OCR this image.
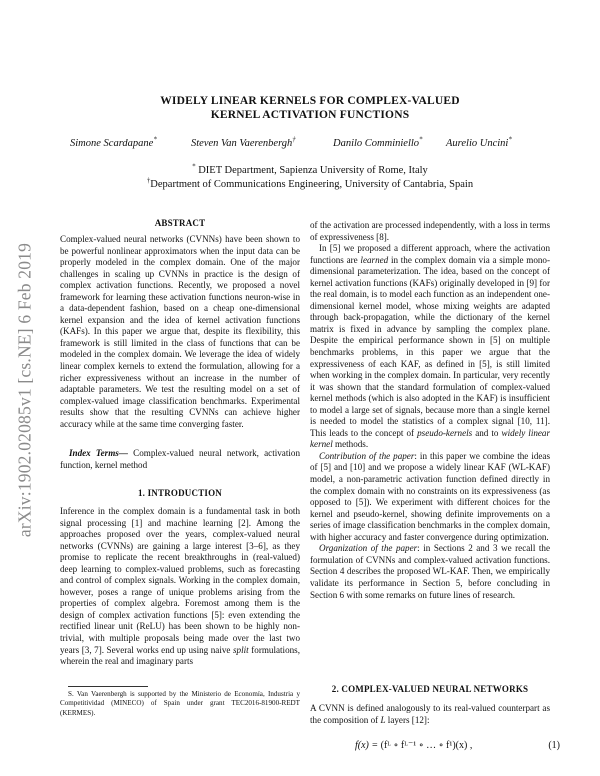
arXiv:1902.02085v1 [cs.NE] 6 Feb 2019
WIDELY LINEAR KERNELS FOR COMPLEX-VALUED
KERNEL ACTIVATION FUNCTIONS
Simone Scardapane*	Steven Van Vaerenbergh†	Danilo Comminiello* Aurelio Uncini*
* DIET Department, Sapienza University of Rome, Italy
†Department of Communications Engineering, University of Cantabria, Spain
ABSTRACT

Complex-valued neural networks (CVNNs) have been shown to be powerful nonlinear approximators when the input data can be properly modeled in the complex domain. One of the major challenges in scaling up CVNNs in practice is the design of complex activation functions. Recently, we proposed a novel framework for learning these activation functions neuron-wise in a data-dependent fashion, based on a cheap one-dimensional kernel expansion and the idea of kernel activation functions (KAFs). In this paper we argue that, despite its flexibility, this framework is still limited in the class of functions that can be modeled in the complex domain. We leverage the idea of widely linear complex kernels to extend the formulation, allowing for a richer expressiveness without an increase in the number of adaptable parameters. We test the resulting model on a set of complex-valued image classification benchmarks. Experimental results show that the resulting CVNNs can achieve higher accuracy while at the same time converging faster.

Index Terms— Complex-valued neural network, activation function, kernel method

1. INTRODUCTION

Inference in the complex domain is a fundamental task in both signal processing [1] and machine learning [2]. Among the approaches proposed over the years, complex-valued neural networks (CVNNs) are gaining a large interest [3–6], as they promise to replicate the recent breakthroughs in (real-valued) deep learning to complex-valued problems, such as forecasting and control of complex signals. Working in the complex domain, however, poses a range of unique problems arising from the properties of complex algebra. Foremost among them is the design of complex activation functions [5]: even extending the rectified linear unit (ReLU) has been shown to be highly non-trivial, with multiple proposals being made over the last two years [3, 7]. Several works end up using naive split formulations, wherein the real and imaginary parts

S. Van Vaerenbergh is supported by the Ministerio de Economía, Industria y Competitividad (MINECO) of Spain under grant TEC2016-81900-REDT (KERMES).

of the activation are processed independently, with a loss in terms of expressiveness [8].

In [5] we proposed a different approach, where the activation functions are learned in the complex domain via a simple mono-dimensional parameterization. The idea, based on the concept of kernel activation functions (KAFs) originally developed in [9] for the real domain, is to model each function as an independent one-dimensional kernel model, whose mixing weights are adapted through back-propagation, while the dictionary of the kernel matrix is fixed in advance by sampling the complex plane. Despite the empirical performance shown in [5] on multiple benchmarks problems, in this paper we argue that the expressiveness of each KAF, as defined in [5], is still limited when working in the complex domain. In particular, very recently it was shown that the standard formulation of complex-valued kernel methods (which is also adopted in the KAF) is insufficient to model a large set of signals, because more than a single kernel is needed to model the statistics of a complex signal [10, 11]. This leads to the concept of pseudo-kernels and to widely linear kernel methods.

Contribution of the paper: in this paper we combine the ideas of [5] and [10] and we propose a widely linear KAF (WL-KAF) model, a non-parametric activation function defined directly in the complex domain with no constraints on its expressiveness (as opposed to [5]). We experiment with different choices for the kernel and pseudo-kernel, showing definite improvements on a series of image classification benchmarks in the complex domain, with higher accuracy and faster convergence during optimization.

Organization of the paper: in Sections 2 and 3 we recall the formulation of CVNNs and complex-valued activation functions. Section 4 describes the proposed WL-KAF. Then, we empirically validate its performance in Section 5, before concluding in Section 6 with some remarks on future lines of research.

2. COMPLEX-VALUED NEURAL NETWORKS

A CVNN is defined analogously to its real-valued counterpart as the composition of L layers [12]:

f(x) = (fᴸ ∘ fᴸ⁻¹ ∘ … ∘ f¹)(x) ,	(1)
